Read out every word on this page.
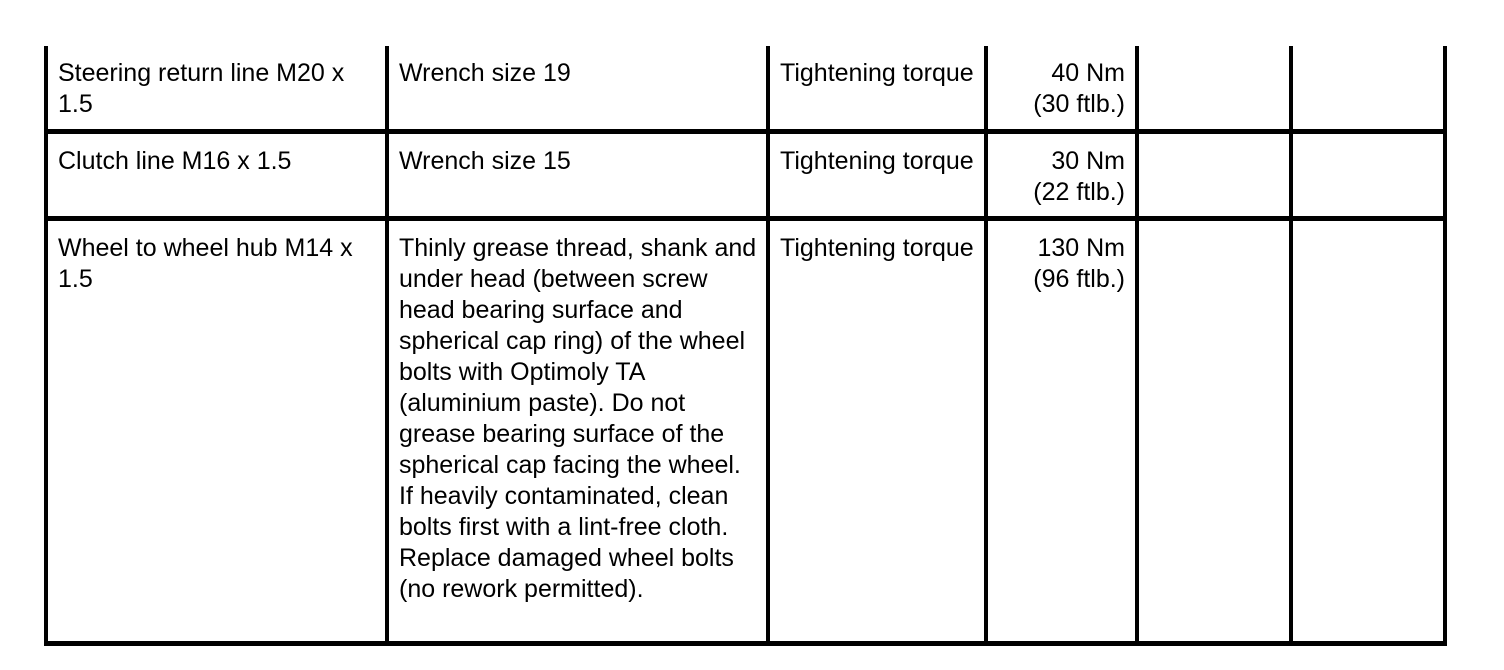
Steering return line M20 x 1.5	Wrench size 19	Tightening torque	40 Nm
(30 ftlb.)		

Clutch line M16 x 1.5	Wrench size 15	Tightening torque	30 Nm
(22 ftlb.)		

Wheel to wheel hub M14 x 1.5	Thinly grease thread, shank and under head (between screw head bearing surface and spherical cap ring) of the wheel bolts with Optimoly TA (aluminium paste). Do not grease bearing surface of the spherical cap facing the wheel. If heavily contaminated, clean bolts first with a lint-free cloth. Replace damaged wheel bolts (no rework permitted).	Tightening torque	130 Nm
(96 ftlb.)		
